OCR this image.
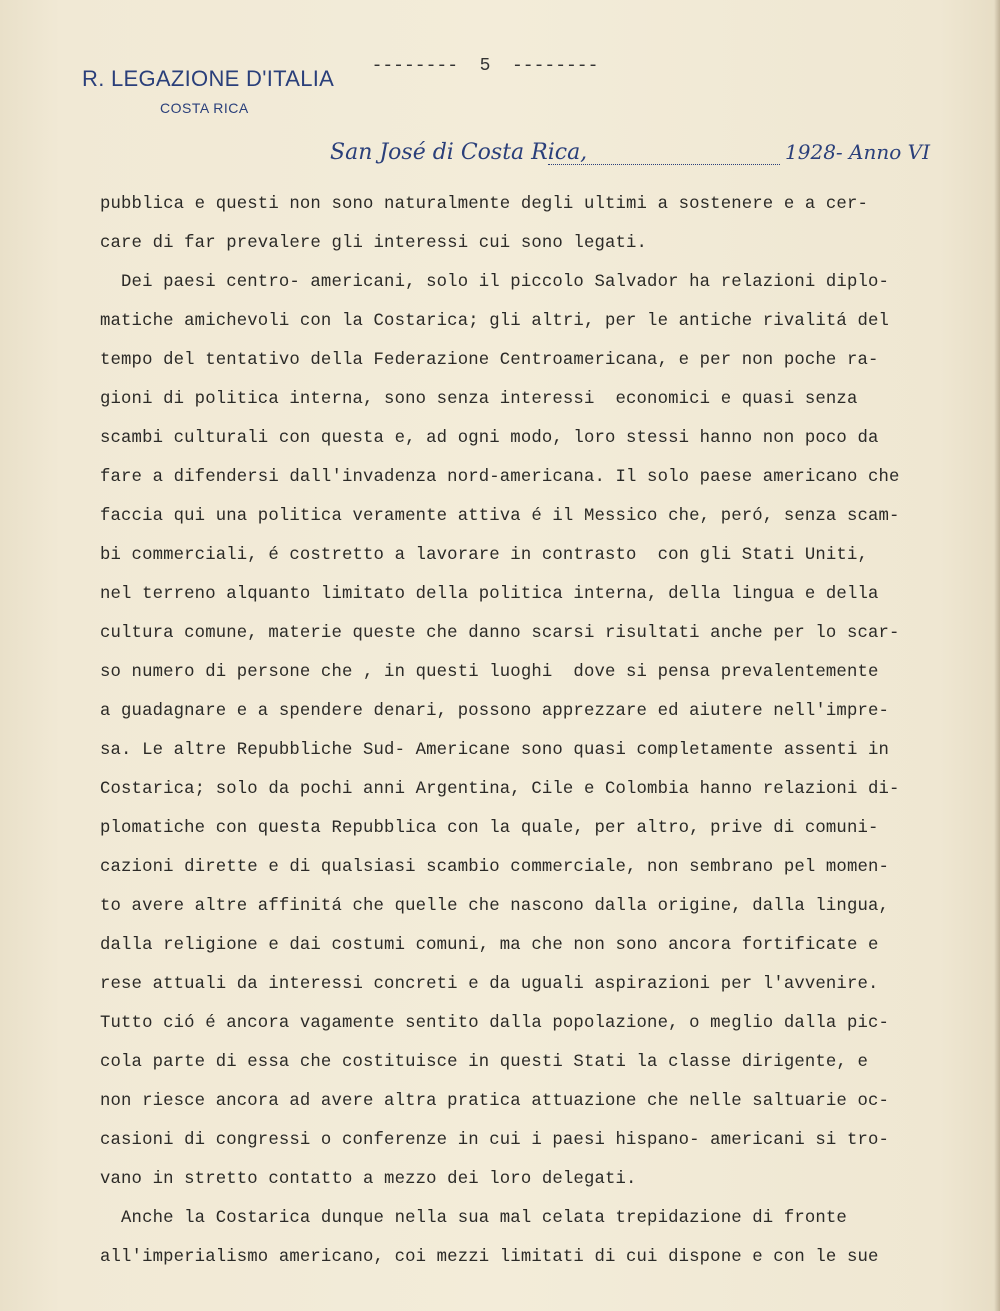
R. LEGAZIONE D'ITALIA
COSTA RICA
--------  5  --------
San José di Costa Rica,	1928- Anno VI
pubblica e questi non sono naturalmente degli ultimi a sostenere e a cer-
care di far prevalere gli interessi cui sono legati.
Dei paesi centro- americani, solo il piccolo Salvador ha relazioni diplo-
matiche amichevoli con la Costarica; gli altri, per le antiche rivalitá del
tempo del tentativo della Federazione Centroamericana, e per non poche ra-
gioni di politica interna, sono senza interessi  economici e quasi senza
scambi culturali con questa e, ad ogni modo, loro stessi hanno non poco da
fare a difendersi dall'invadenza nord-americana. Il solo paese americano che
faccia qui una politica veramente attiva é il Messico che, peró, senza scam-
bi commerciali, é costretto a lavorare in contrasto  con gli Stati Uniti,
nel terreno alquanto limitato della politica interna, della lingua e della
cultura comune, materie queste che danno scarsi risultati anche per lo scar-
so numero di persone che , in questi luoghi  dove si pensa prevalentemente
a guadagnare e a spendere denari, possono apprezzare ed aiutere nell'impre-
sa. Le altre Repubbliche Sud- Americane sono quasi completamente assenti in
Costarica; solo da pochi anni Argentina, Cile e Colombia hanno relazioni di-
plomatiche con questa Repubblica con la quale, per altro, prive di comuni-
cazioni dirette e di qualsiasi scambio commerciale, non sembrano pel momen-
to avere altre affinitá che quelle che nascono dalla origine, dalla lingua,
dalla religione e dai costumi comuni, ma che non sono ancora fortificate e
rese attuali da interessi concreti e da uguali aspirazioni per l'avvenire.
Tutto ció é ancora vagamente sentito dalla popolazione, o meglio dalla pic-
cola parte di essa che costituisce in questi Stati la classe dirigente, e
non riesce ancora ad avere altra pratica attuazione che nelle saltuarie oc-
casioni di congressi o conferenze in cui i paesi hispano- americani si tro-
vano in stretto contatto a mezzo dei loro delegati.
Anche la Costarica dunque nella sua mal celata trepidazione di fronte
all'imperialismo americano, coi mezzi limitati di cui dispone e con le sue
